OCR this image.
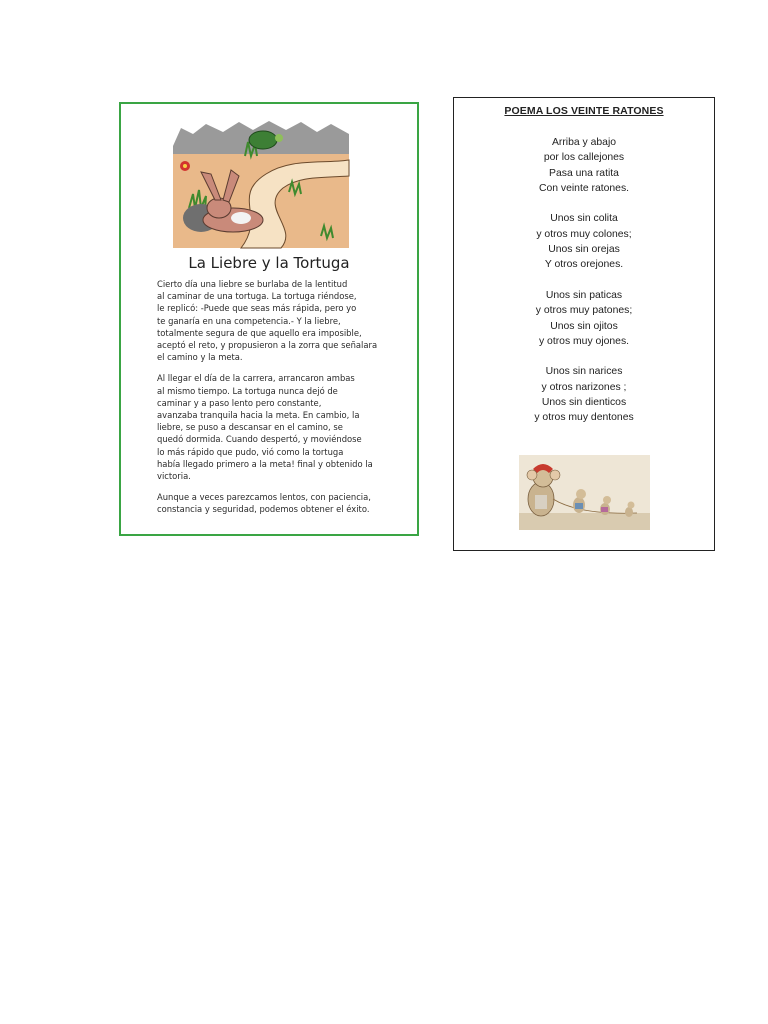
La Liebre y la Tortuga

Cierto día una liebre se burlaba de la lentitud
al caminar de una tortuga. La tortuga riéndose,
le replicó: -Puede que seas más rápida, pero yo
te ganaría en una competencia.- Y la liebre,
totalmente segura de que aquello era imposible,
aceptó el reto, y propusieron a la zorra que señalara
el camino y la meta.

Al llegar el día de la carrera, arrancaron ambas
al mismo tiempo. La tortuga nunca dejó de
caminar y a paso lento pero constante,
avanzaba tranquila hacia la meta. En cambio, la
liebre, se puso a descansar en el camino, se
quedó dormida. Cuando despertó, y moviéndose
lo más rápido que pudo, vió como la tortuga
había llegado primero a la meta! final y obtenido la
victoria.

Aunque a veces parezcamos lentos, con paciencia,
constancia y seguridad, podemos obtener el éxito.

POEMA LOS VEINTE RATONES
Arriba y abajo
por los callejones
Pasa una ratita
Con veinte ratones.
Unos sin colita
y otros muy colones;
Unos sin orejas
Y otros orejones.
Unos sin paticas
y otros muy patones;
Unos sin ojitos
y otros muy ojones.
Unos sin narices
y otros narizones ;
Unos sin dienticos
y otros muy dentones
